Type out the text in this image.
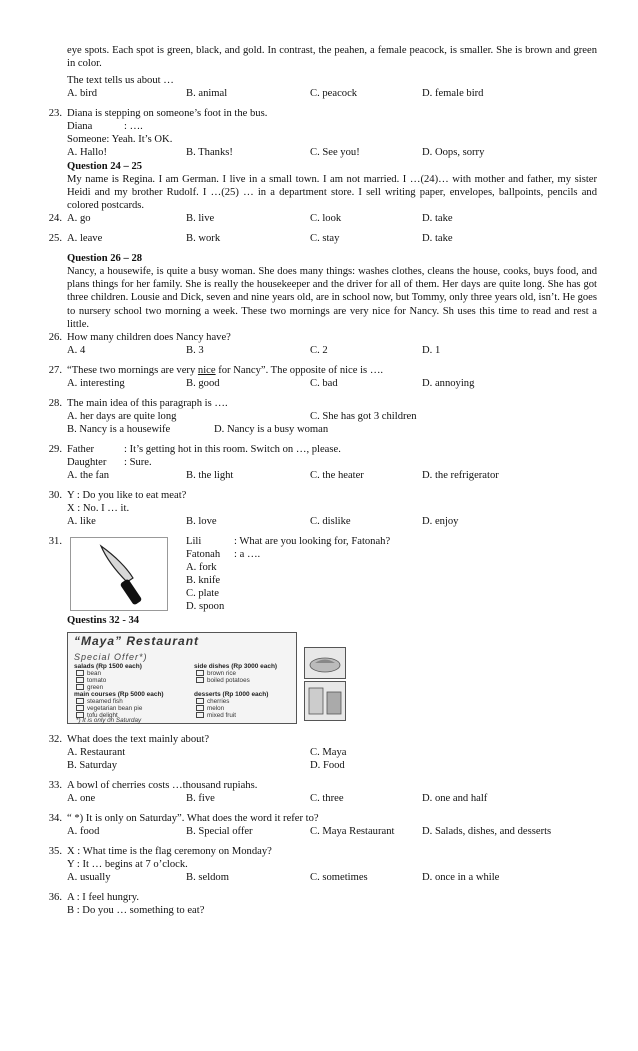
eye spots. Each spot is green, black, and gold. In contrast, the peahen, a female peacock, is smaller. She is brown and green in color.
The text tells us about …
A. bird	B. animal	C. peacock	D. female bird
23. Diana is stepping on someone’s foot in the bus.
Diana	: ….
Someone: Yeah. It’s OK.
A. Hallo!	B. Thanks!	C. See you!	D. Oops, sorry
Question 24 – 25
My name is Regina. I am German. I live in a small town. I am not married. I …(24)… with mother and father, my sister Heidi and my brother Rudolf. I …(25) … in a department store. I sell writing paper, envelopes, ballpoints, pencils and colored postcards.
24. A. go	B. live	C. look	D. take
25. A. leave	B. work	C. stay	D. take
Question 26 – 28
Nancy, a housewife, is quite a busy woman. She does many things: washes clothes, cleans the house, cooks, buys food, and plans things for her family. She is really the housekeeper and the driver for all of them. Her days are quite long. She has got three children. Lousie and Dick, seven and nine years old, are in school now, but Tommy, only three years old, isn’t. He goes to nursery school two morning a week. These two mornings are very nice for Nancy. Sh uses this time to read and rest a little.
26. How many children does Nancy have?
A. 4	B. 3	C. 2	D. 1
27. “These two mornings are very nice for Nancy”. The opposite of nice is ….
A. interesting	B. good	C. bad	D. annoying
28. The main idea of this paragraph is ….
A. her days are quite long	C. She has got 3 children
B. Nancy is a housewife	D. Nancy is a busy woman
29. Father	: It’s getting hot in this room. Switch on …, please.
Daughter : Sure.
A. the fan	B. the light	C. the heater	D. the refrigerator
30. Y : Do you like to eat meat?
X : No. I … it.
A. like	B. love	C. dislike	D. enjoy
31.	Lili	: What are you looking for, Fatonah?
Fatonah : a ….
A. fork
B. knife
C. plate
D. spoon
Questins 32 - 34
“Maya” Restaurant
Special Offer*)
salads (Rp 1500 each)
bean
tomato
green
main courses (Rp 5000 each)
steamed fish
vegetarian bean pie
side dishes (Rp 3000 each)
brown rice
boiled potatoes
desserts (Rp 1000 each)
cherries
melon
mixed fruit
tofu delight
*) It is only on Saturday
32. What does the text mainly about?
A. Restaurant	C. Maya
B. Saturday	D. Food
33. A bowl of cherries costs …thousand rupiahs.
A. one	B. five	C. three	D. one and half
34. “ *) It is only on Saturday”. What does the word it refer to?
A. food	B. Special offer	C. Maya Restaurant	D. Salads, dishes, and desserts
35. X : What time is the flag ceremony on Monday?
Y : It … begins at 7 o’clock.
A. usually	B. seldom	C. sometimes	D. once in a while
36. A : I feel hungry.
B : Do you … something to eat?
